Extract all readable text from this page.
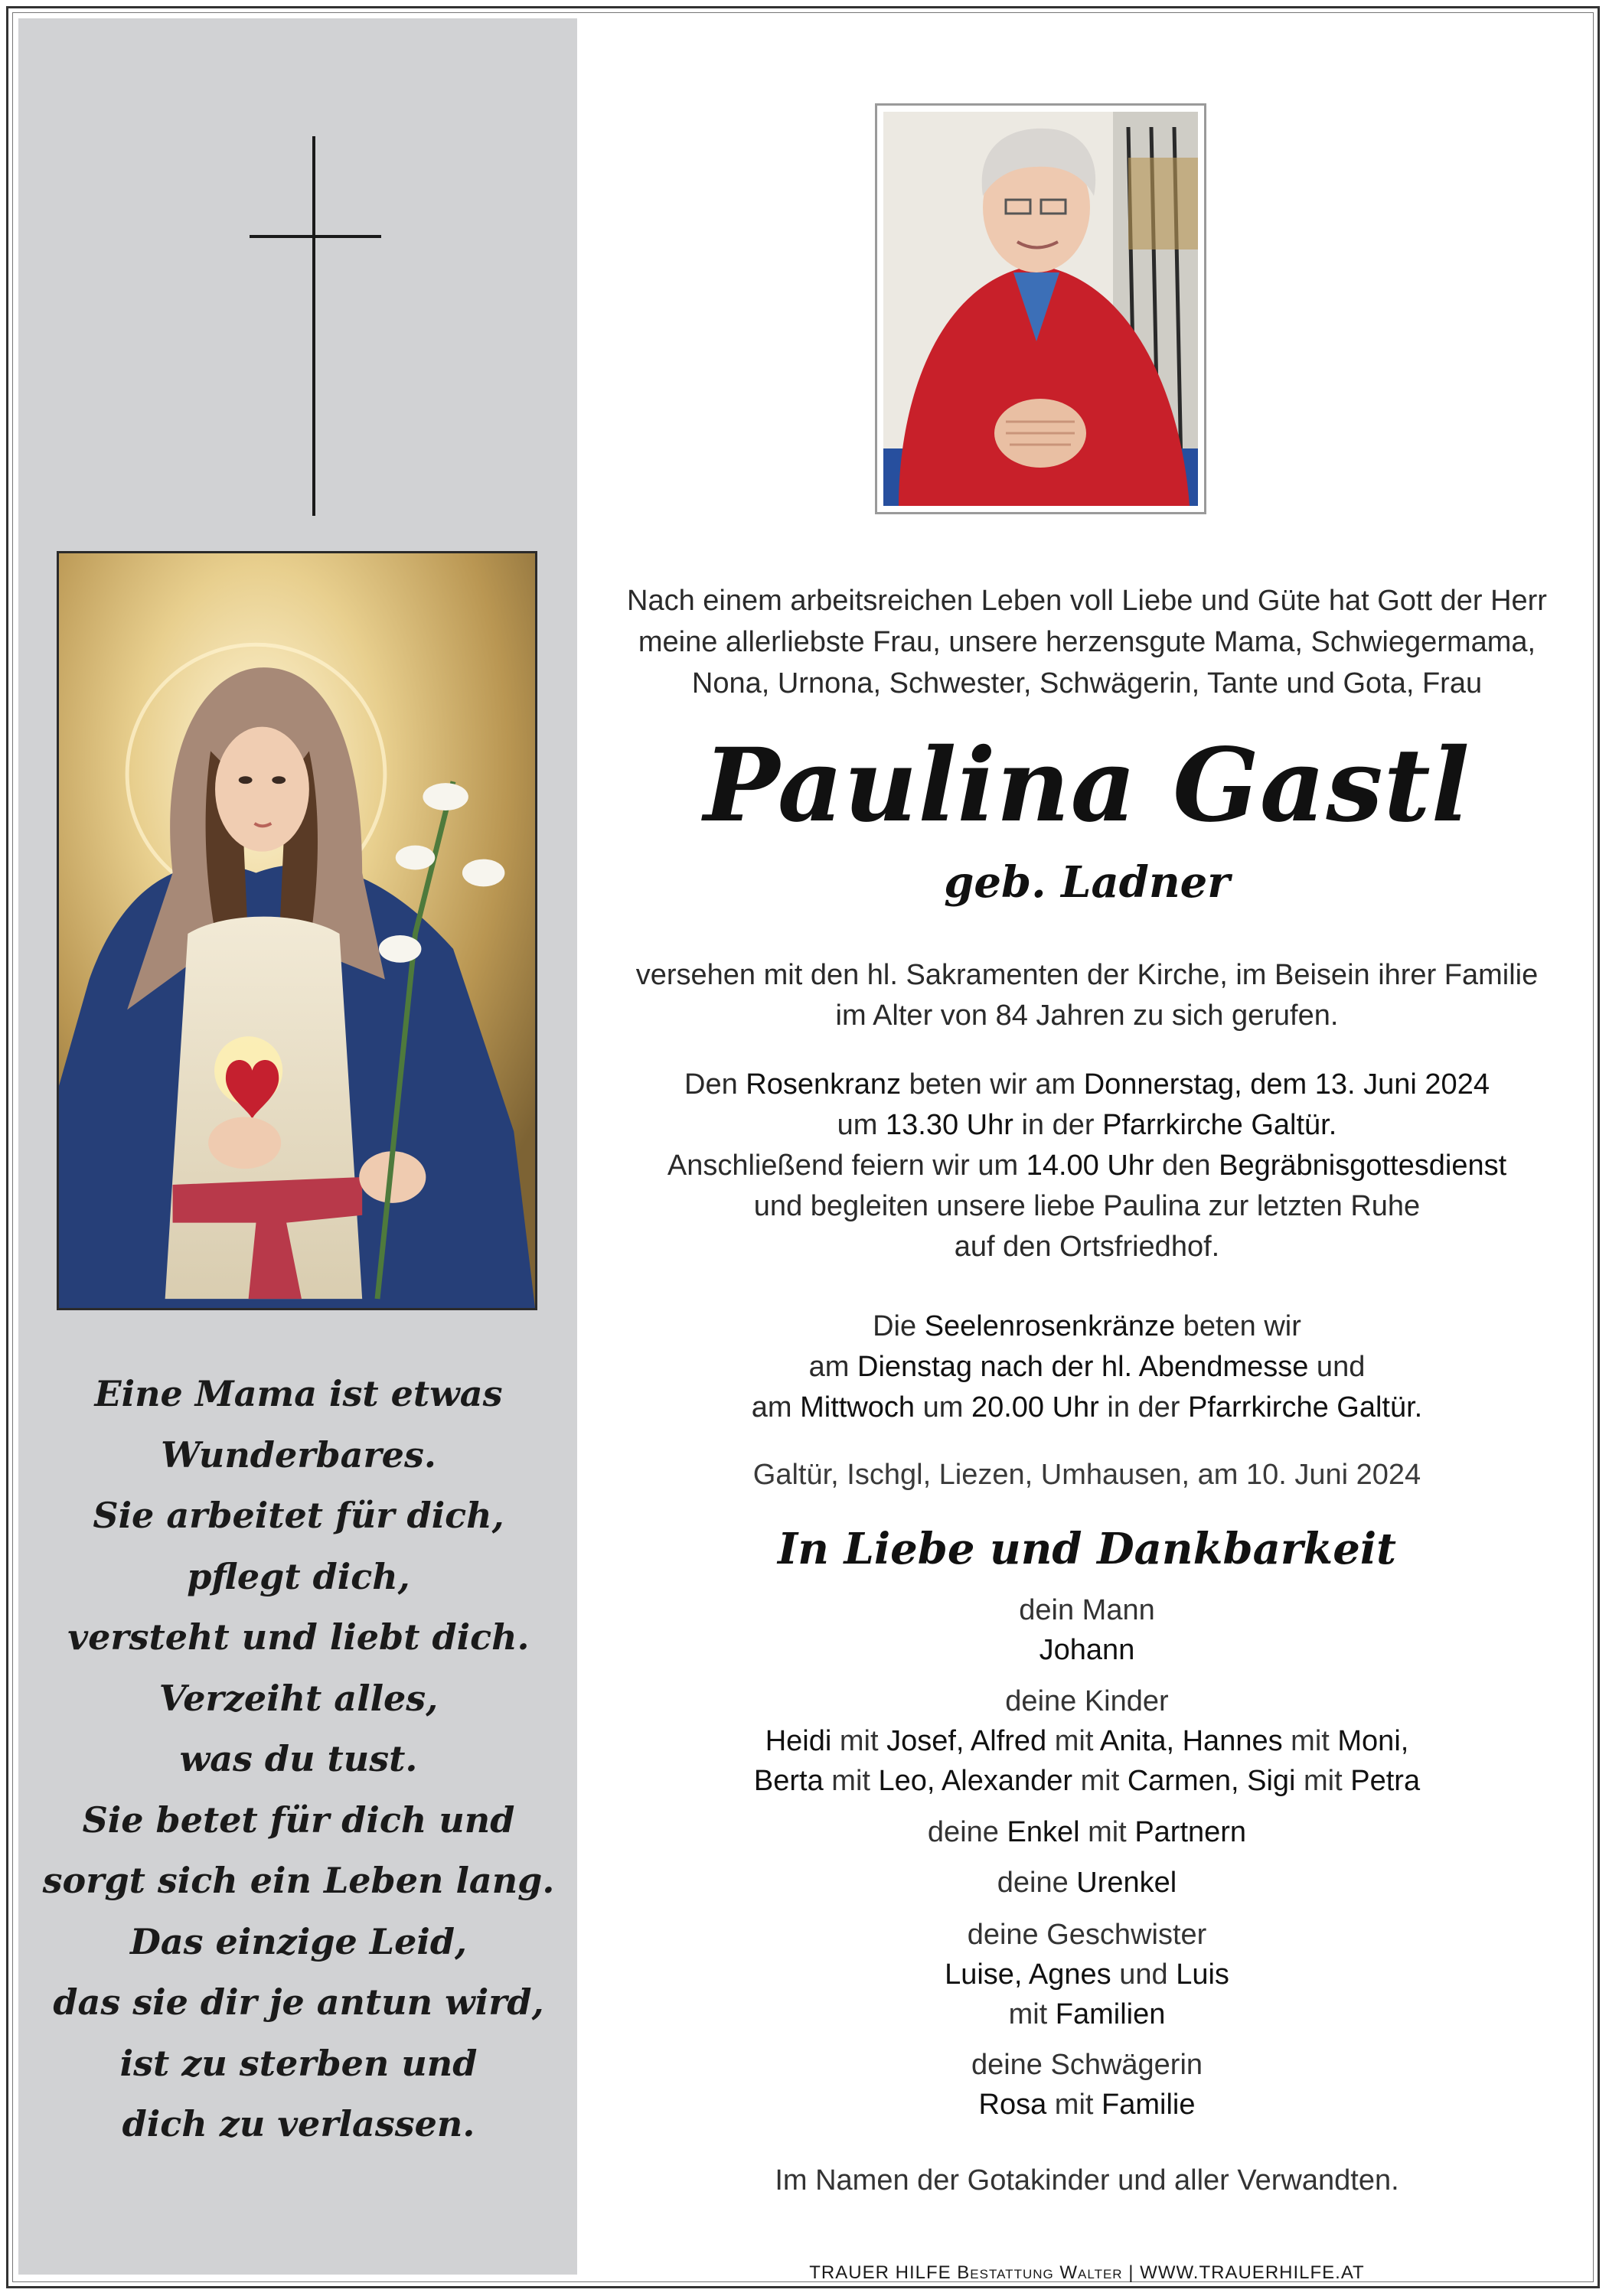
Eine Mama ist etwas
Wunderbares.
Sie arbeitet für dich,
pflegt dich,
versteht und liebt dich.
Verzeiht alles,
was du tust.
Sie betet für dich und
sorgt sich ein Leben lang.
Das einzige Leid,
das sie dir je antun wird,
ist zu sterben und
dich zu verlassen.
Nach einem arbeitsreichen Leben voll Liebe und Güte hat Gott der Herr
meine allerliebste Frau, unsere herzensgute Mama, Schwiegermama,
Nona, Urnona, Schwester, Schwägerin, Tante und Gota, Frau
Paulina Gastl
geb. Ladner
versehen mit den hl. Sakramenten der Kirche, im Beisein ihrer Familie
im Alter von 84 Jahren zu sich gerufen.
Den Rosenkranz beten wir am Donnerstag, dem 13. Juni 2024
um 13.30 Uhr in der Pfarrkirche Galtür.
Anschließend feiern wir um 14.00 Uhr den Begräbnisgottesdienst
und begleiten unsere liebe Paulina zur letzten Ruhe
auf den Ortsfriedhof.
Die Seelenrosenkränze beten wir
am Dienstag nach der hl. Abendmesse und
am Mittwoch um 20.00 Uhr in der Pfarrkirche Galtür.
Galtür, Ischgl, Liezen, Umhausen, am 10. Juni 2024
In Liebe und Dankbarkeit
dein Mann
Johann
deine Kinder
Heidi mit Josef, Alfred mit Anita, Hannes mit Moni,
Berta mit Leo, Alexander mit Carmen, Sigi mit Petra
deine Enkel mit Partnern
deine Urenkel
deine Geschwister
Luise, Agnes und Luis
mit Familien
deine Schwägerin
Rosa mit Familie
Im Namen der Gotakinder und aller Verwandten.
TRAUER HILFE Bestattung Walter | WWW.TRAUERHILFE.AT
